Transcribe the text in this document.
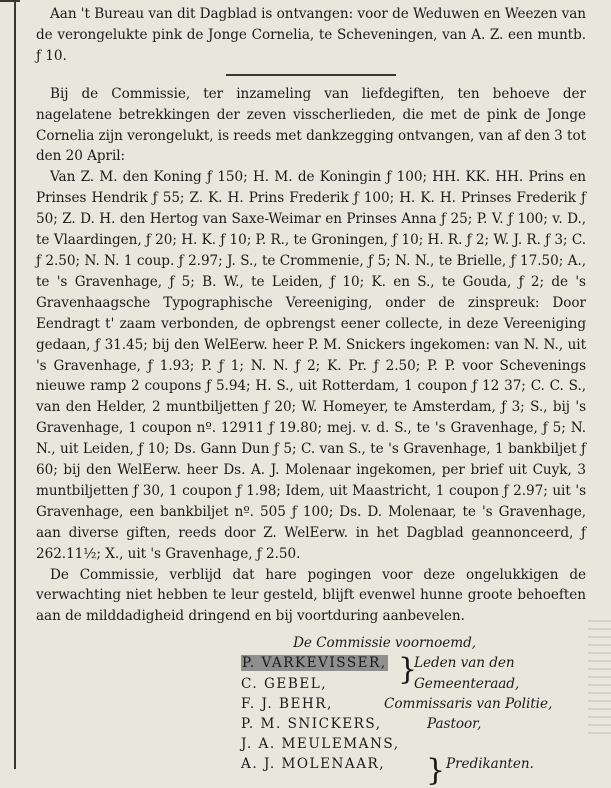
Aan 't Bureau van dit Dagblad is ontvangen: voor de Weduwen en Weezen van de verongelukte pink de Jonge Cornelia, te Scheveningen, van A. Z. een muntb. ƒ 10.

Bij de Commissie, ter inzameling van liefdegiften, ten behoeve der nagelatene betrekkingen der zeven visscherlieden, die met de pink de Jonge Cornelia zijn verongelukt, is reeds met dankzegging ontvangen, van af den 3 tot den 20 April:

Van Z. M. den Koning ƒ 150; H. M. de Koningin ƒ 100; HH. KK. HH. Prins en Prinses Hendrik ƒ 55; Z. K. H. Prins Frederik ƒ 100; H. K. H. Prinses Frederik ƒ 50; Z. D. H. den Hertog van Saxe-Weimar en Prinses Anna ƒ 25; P. V. ƒ 100; v. D., te Vlaardingen, ƒ 20; H. K. ƒ 10; P. R., te Groningen, ƒ 10; H. R. ƒ 2; W. J. R. ƒ 3; C. ƒ 2.50; N. N. 1 coup. ƒ 2.97; J. S., te Crommenie, ƒ 5; N. N., te Brielle, ƒ 17.50; A., te 's Gravenhage, ƒ 5; B. W., te Leiden, ƒ 10; K. en S., te Gouda, ƒ 2; de 's Gravenhaagsche Typographische Vereeniging, onder de zinspreuk: Door Eendragt t' zaam verbonden, de opbrengst eener collecte, in deze Vereeniging gedaan, ƒ 31.45; bij den WelEerw. heer P. M. Snickers ingekomen: van N. N., uit 's Gravenhage, ƒ 1.93; P. ƒ 1; N. N. ƒ 2; K. Pr. ƒ 2.50; P. P. voor Schevenings nieuwe ramp 2 coupons ƒ 5.94; H. S., uit Rotterdam, 1 coupon ƒ 12 37; C. C. S., van den Helder, 2 muntbiljetten ƒ 20; W. Homeyer, te Amsterdam, ƒ 3; S., bij 's Gravenhage, 1 coupon nº. 12911 ƒ 19.80; mej. v. d. S., te 's Gravenhage, ƒ 5; N. N., uit Leiden, ƒ 10; Ds. Gann Dun ƒ 5; C. van S., te 's Gravenhage, 1 bankbiljet ƒ 60; bij den WelEerw. heer Ds. A. J. Molenaar ingekomen, per brief uit Cuyk, 3 muntbiljetten ƒ 30, 1 coupon ƒ 1.98; Idem, uit Maastricht, 1 coupon ƒ 2.97; uit 's Gravenhage, een bankbiljet nº. 505 ƒ 100; Ds. D. Molenaar, te 's Gravenhage, aan diverse giften, reeds door Z. WelEerw. in het Dagblad geannonceerd, ƒ 262.11½; X., uit 's Gravenhage, ƒ 2.50.

De Commissie, verblijd dat hare pogingen voor deze ongelukkigen de verwachting niet hebben te leur gesteld, blijft evenwel hunne groote behoeften aan de milddadigheid dringend en bij voortduring aanbevelen.

De Commissie voornoemd,
P. VARKEVISSER, Leden van den
C. GEBEL,	Gemeenteraad,
F. J. BEHR,	Commissaris van Politie,
P. M. SNICKERS,	Pastoor,
J. A. MEULEMANS,
A. J. MOLENAAR,	Predikanten.
}
}
